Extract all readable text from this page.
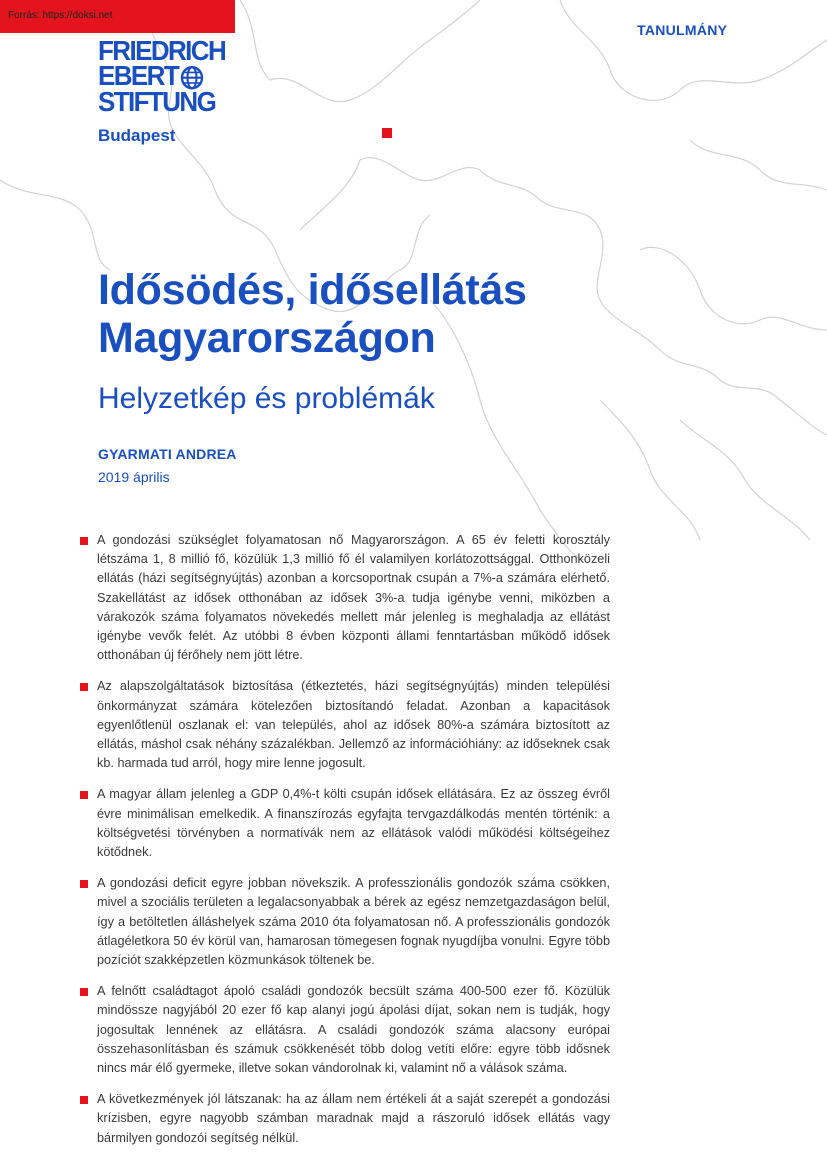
Forrás: https://doksi.net
FRIEDRICH
EBERT
STIFTUNG
Budapest
TANULMÁNY
Idősödés, idősellátás
Magyarországon
Helyzetkép és problémák
GYARMATI ANDREA
2019 április
A gondozási szükséglet folyamatosan nő Magyarországon. A 65 év feletti korosztály létszáma 1, 8 millió fő, közülük 1,3 millió fő él valamilyen korlátozottsággal. Otthonközeli ellátás (házi segítségnyújtás) azonban a korcsoportnak csupán a 7%-a számára elérhető. Szakellátást az idősek otthonában az idősek 3%-a tudja igénybe venni, miközben a várakozók száma folyamatos növekedés mellett már jelenleg is meghaladja az ellátást igénybe vevők felét. Az utóbbi 8 évben központi állami fenntartásban működő idősek otthonában új férőhely nem jött létre.
Az alapszolgáltatások biztosítása (étkeztetés, házi segítségnyújtás) minden települési önkormányzat számára kötelezően biztosítandó feladat. Azonban a kapacitások egyenlőtlenül oszlanak el: van település, ahol az idősek 80%-a számára biztosított az ellátás, máshol csak néhány százalékban. Jellemző az információhiány: az időseknek csak kb. harmada tud arról, hogy mire lenne jogosult.
A magyar állam jelenleg a GDP 0,4%-t költi csupán idősek ellátására. Ez az összeg évről évre minimálisan emelkedik. A finanszírozás egyfajta tervgazdálkodás mentén történik: a költségvetési törvényben a normatívák nem az ellátások valódi működési költségeihez kötődnek.
A gondozási deficit egyre jobban növekszik. A professzionális gondozók száma csökken, mivel a szociális területen a legalacsonyabbak a bérek az egész nemzetgazdaságon belül, így a betöltetlen álláshelyek száma 2010 óta folyamatosan nő. A professzionális gondozók átlagéletkora 50 év körül van, hamarosan tömegesen fognak nyugdíjba vonulni. Egyre több pozíciót szakképzetlen közmunkások töltenek be.
A felnőtt családtagot ápoló családi gondozók becsült száma 400-500 ezer fő. Közülük mindössze nagyjából 20 ezer fő kap alanyi jogú ápolási díjat, sokan nem is tudják, hogy jogosultak lennének az ellátásra. A családi gondozók száma alacsony európai összehasonlításban és számuk csökkenését több dolog vetíti előre: egyre több idősnek nincs már élő gyermeke, illetve sokan vándorolnak ki, valamint nő a válások száma.
A következmények jól látszanak: ha az állam nem értékeli át a saját szerepét a gondozási krízisben, egyre nagyobb számban maradnak majd a rászoruló idősek ellátás vagy bármilyen gondozói segítség nélkül.
